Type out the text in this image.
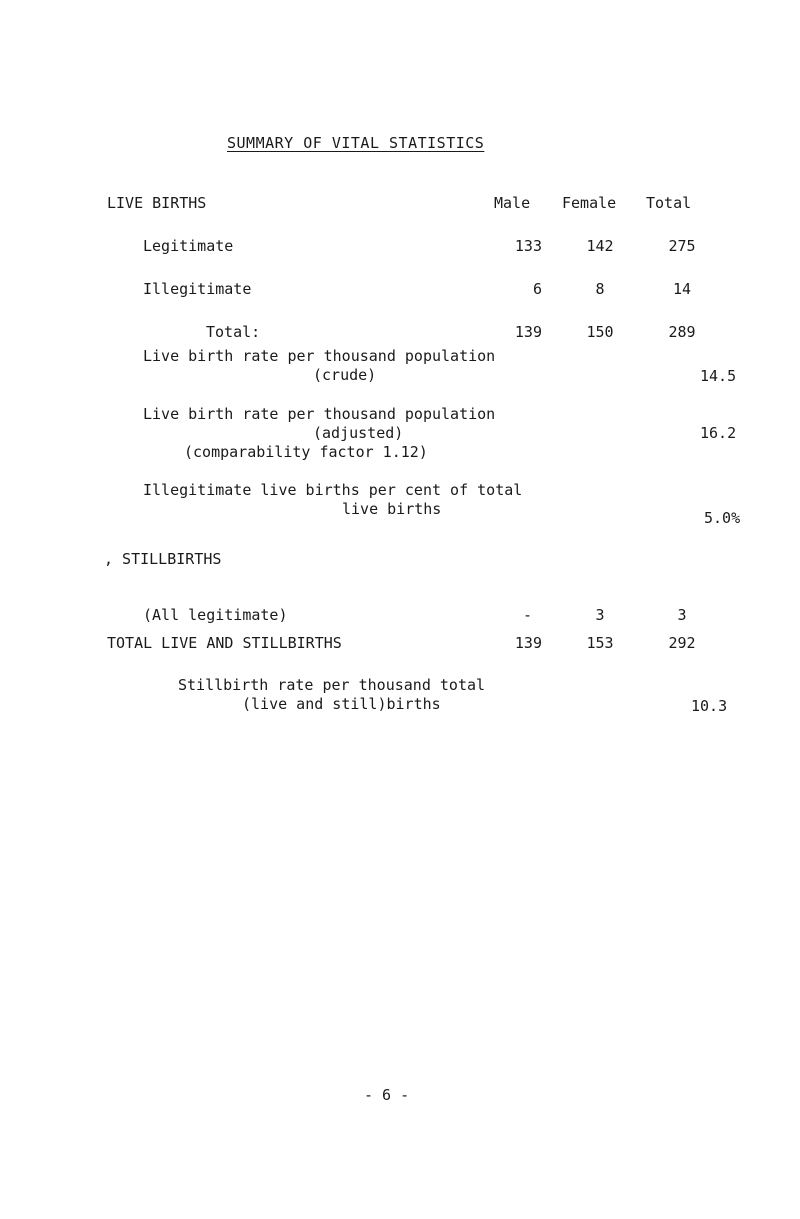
SUMMARY OF VITAL STATISTICS
LIVE BIRTHS	Male Female Total
Legitimate	133	142	275
Illegitimate	6	8	14
Total:	139	150	289
Live birth rate per thousand population
(crude)	14.5
Live birth rate per thousand population
(adjusted)
(comparability factor 1.12)
16.2
Illegitimate live births per cent of total
live births	5.0%
, STILLBIRTHS
(All legitimate)	-	3	3
TOTAL LIVE AND STILLBIRTHS	139	153	292
Stillbirth rate per thousand total
(live and still)births	10.3
- 6 -
